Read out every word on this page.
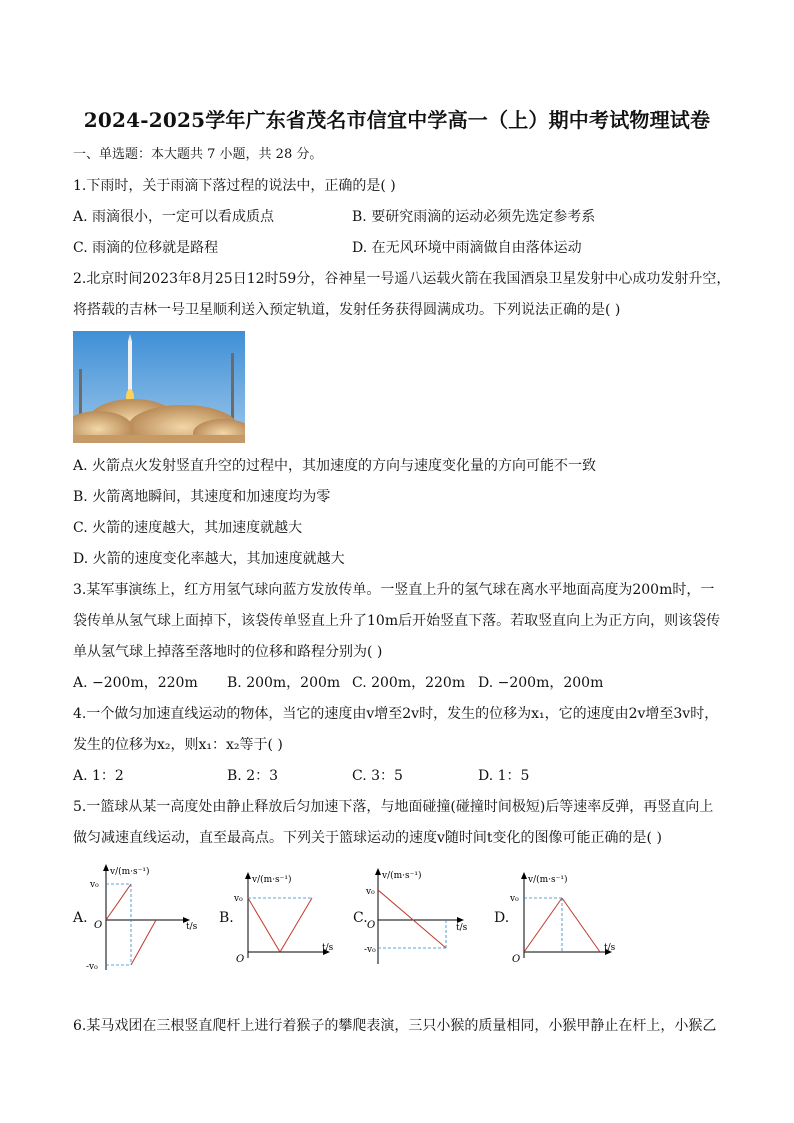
2024-2025学年广东省茂名市信宜中学高一（上）期中考试物理试卷
一、单选题：本大题共 7 小题，共 28 分。
1.下雨时，关于雨滴下落过程的说法中，正确的是( )
A. 雨滴很小，一定可以看成质点	B. 要研究雨滴的运动必须先选定参考系
C. 雨滴的位移就是路程	D. 在无风环境中雨滴做自由落体运动
2.北京时间2023年8月25日12时59分，谷神星一号遥八运载火箭在我国酒泉卫星发射中心成功发射升空，
将搭载的吉林一号卫星顺利送入预定轨道，发射任务获得圆满成功。下列说法正确的是( )
A. 火箭点火发射竖直升空的过程中，其加速度的方向与速度变化量的方向可能不一致
B. 火箭离地瞬间，其速度和加速度均为零
C. 火箭的速度越大，其加速度就越大
D. 火箭的速度变化率越大，其加速度就越大
3.某军事演练上，红方用氢气球向蓝方发放传单。一竖直上升的氢气球在离水平地面高度为200m时，一
袋传单从氢气球上面掉下，该袋传单竖直上升了10m后开始竖直下落。若取竖直向上为正方向，则该袋传
单从氢气球上掉落至落地时的位移和路程分别为( )
A. −200m，220m B. 200m，200m C. 200m，220m D. −200m，200m
4.一个做匀加速直线运动的物体，当它的速度由v增至2v时，发生的位移为x₁，它的速度由2v增至3v时，
发生的位移为x₂，则x₁：x₂等于( )
A. 1：2	B. 2：3	C. 3：5	D. 1：5
5.一篮球从某一高度处由静止释放后匀加速下落，与地面碰撞(碰撞时间极短)后等速率反弹，再竖直向上
做匀减速直线运动，直至最高点。下列关于篮球运动的速度v随时间t变化的图像可能正确的是( )
A.
v/(m·s⁻¹)
v₀
O	t/s
-v₀
B.
v/(m·s⁻¹)
v₀
O
t/s
C.
v/(m·s⁻¹)
v₀
O	t/s
-v₀
D.
v/(m·s⁻¹)
v₀
O
t/s
6.某马戏团在三根竖直爬杆上进行着猴子的攀爬表演，三只小猴的质量相同，小猴甲静止在杆上，小猴乙
